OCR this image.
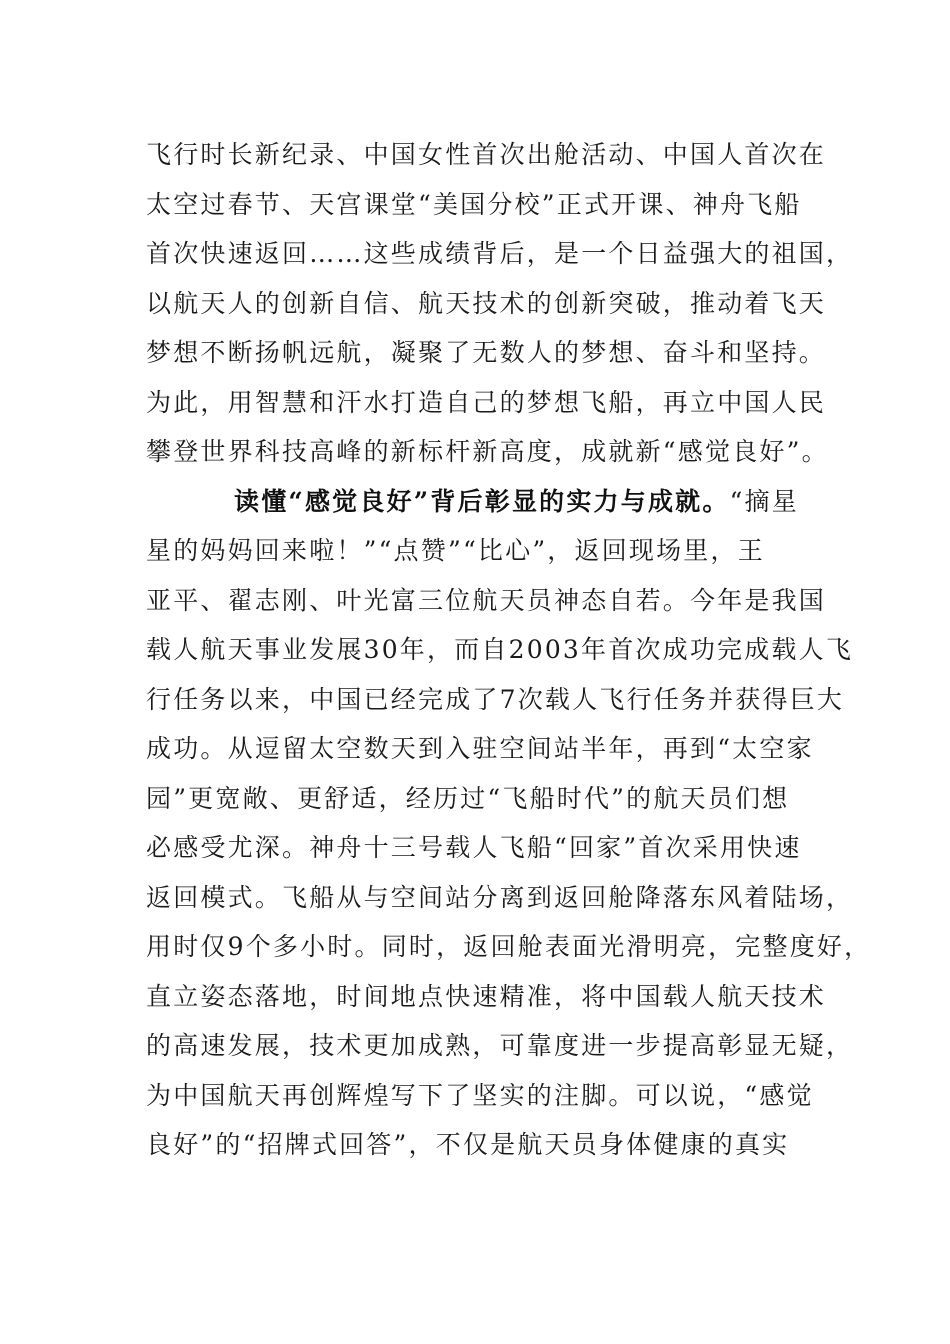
飞行时长新纪录、中国女性首次出舱活动、中国人首次在
太空过春节、天宫课堂“美国分校”正式开课、神舟飞船
首次快速返回……这些成绩背后，是一个日益强大的祖国，
以航天人的创新自信、航天技术的创新突破，推动着飞天
梦想不断扬帆远航，凝聚了无数人的梦想、奋斗和坚持。
为此，用智慧和汗水打造自己的梦想飞船，再立中国人民
攀登世界科技高峰的新标杆新高度，成就新“感觉良好”。
读懂“感觉良好”背后彰显的实力与成就。“摘星
星的妈妈回来啦！”“点赞”“比心”，返回现场里，王
亚平、翟志刚、叶光富三位航天员神态自若。今年是我国
载人航天事业发展30年，而自2003年首次成功完成载人飞
行任务以来，中国已经完成了7次载人飞行任务并获得巨大
成功。从逗留太空数天到入驻空间站半年，再到“太空家
园”更宽敞、更舒适，经历过“飞船时代”的航天员们想
必感受尤深。神舟十三号载人飞船“回家”首次采用快速
返回模式。飞船从与空间站分离到返回舱降落东风着陆场，
用时仅9个多小时。同时，返回舱表面光滑明亮，完整度好，
直立姿态落地，时间地点快速精准，将中国载人航天技术
的高速发展，技术更加成熟，可靠度进一步提高彰显无疑，
为中国航天再创辉煌写下了坚实的注脚。可以说，“感觉
良好”的“招牌式回答”，不仅是航天员身体健康的真实
